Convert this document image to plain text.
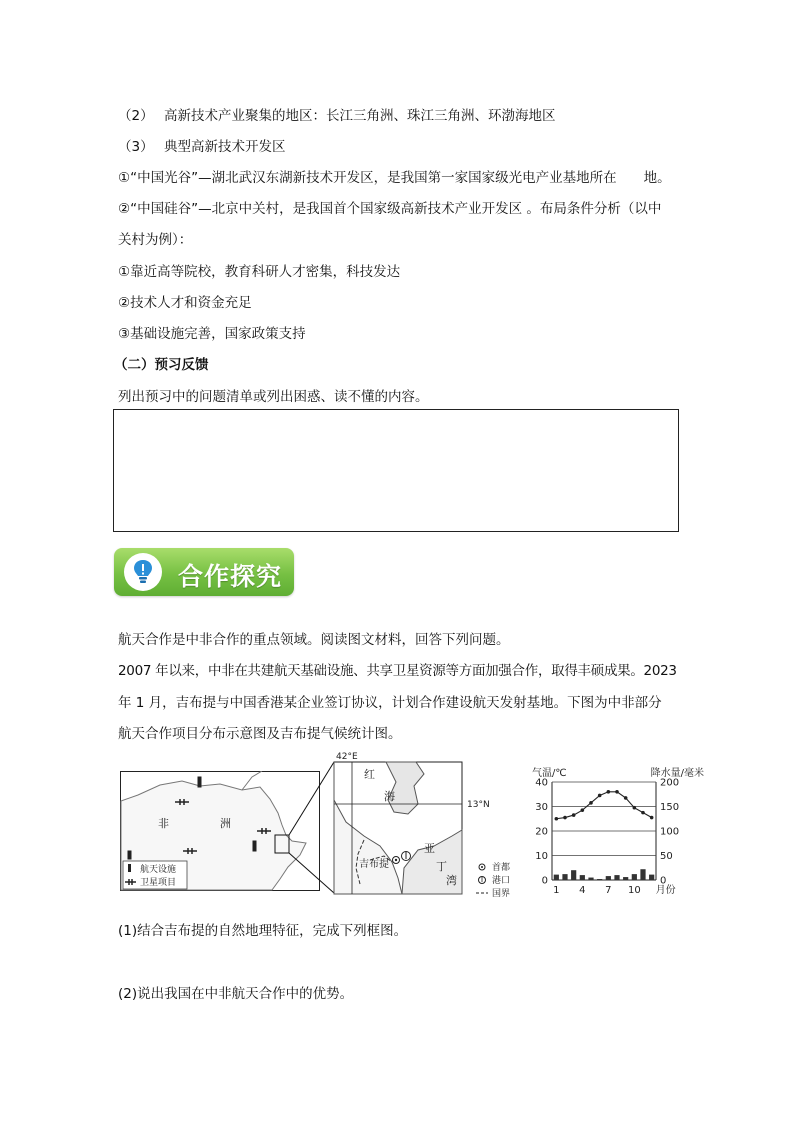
（2） 高新技术产业聚集的地区：长江三角洲、珠江三角洲、环渤海地区
（3） 典型高新技术开发区
①“中国光谷”—湖北武汉东湖新技术开发区，是我国第一家国家级光电产业基地所在　　地。
②“中国硅谷”—北京中关村，是我国首个国家级高新技术产业开发区 。布局条件分析（以中
关村为例）：
①靠近高等院校，教育科研人才密集，科技发达
②技术人才和资金充足
③基础设施完善，国家政策支持
（二）预习反馈
列出预习中的问题清单或列出困惑、读不懂的内容。
合作探究
航天合作是中非合作的重点领域。阅读图文材料，回答下列问题。
2007 年以来，中非在共建航天基础设施、共享卫星资源等方面加强合作，取得丰硕成果。2023
年 1 月，吉布提与中国香港某企业签订协议，计划合作建设航天发射基地。下图为中非部分
航天合作项目分布示意图及吉布提气候统计图。
非	洲
航天设施
卫星项目
42°E
13°N
红
海
亚
丁
湾
吉布提	首都
港口
国界
气温/℃	降水量/毫米
0
10
20
30
40
0
50
100
150
200
1 4 7 10 月份
(1)结合吉布提的自然地理特征，完成下列框图。
(2)说出我国在中非航天合作中的优势。
